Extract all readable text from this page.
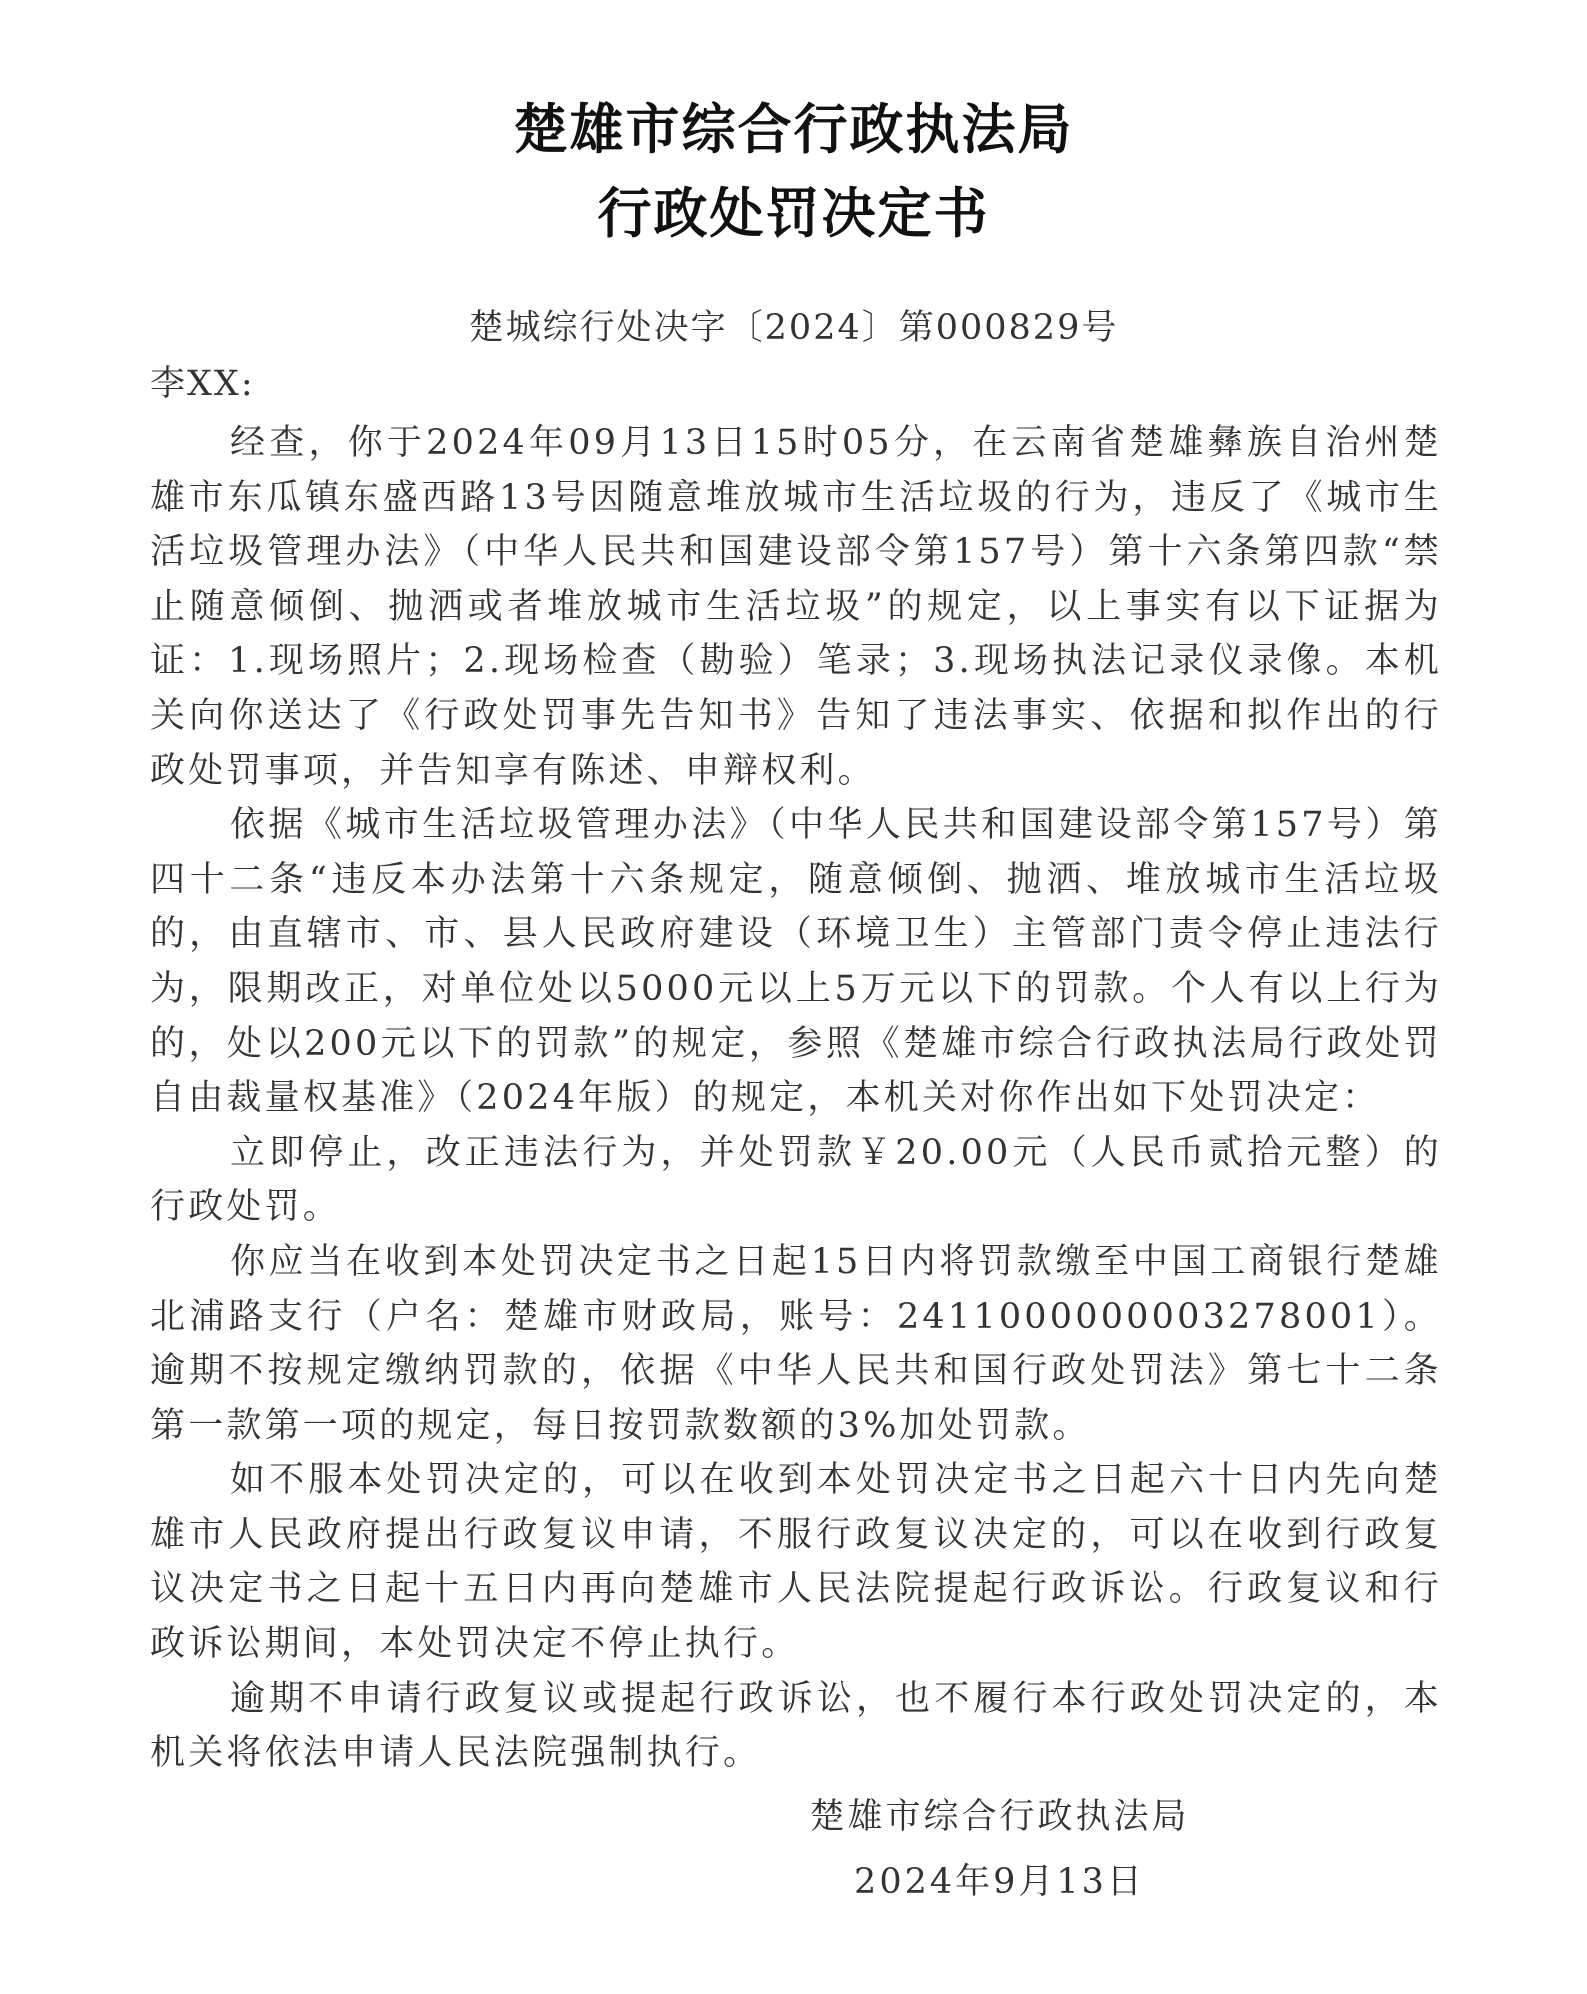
楚雄市综合行政执法局
行政处罚决定书
楚城综行处决字〔2024〕第000829号
李XX:

经查，你于2024年09月13日15时05分，在云南省楚雄彝族自治州楚雄市东瓜镇东盛西路13号因随意堆放城市生活垃圾的行为，违反了《城市生活垃圾管理办法》（中华人民共和国建设部令第157号）第十六条第四款“禁止随意倾倒、抛洒或者堆放城市生活垃圾”的规定，以上事实有以下证据为证：1.现场照片；2.现场检查（勘验）笔录；3.现场执法记录仪录像。本机关向你送达了《行政处罚事先告知书》告知了违法事实、依据和拟作出的行政处罚事项，并告知享有陈述、申辩权利。

依据《城市生活垃圾管理办法》（中华人民共和国建设部令第157号）第四十二条“违反本办法第十六条规定，随意倾倒、抛洒、堆放城市生活垃圾的，由直辖市、市、县人民政府建设（环境卫生）主管部门责令停止违法行为，限期改正，对单位处以5000元以上5万元以下的罚款。个人有以上行为的，处以200元以下的罚款”的规定，参照《楚雄市综合行政执法局行政处罚自由裁量权基准》（2024年版）的规定，本机关对你作出如下处罚决定：

立即停止，改正违法行为，并处罚款￥20.00元（人民币贰拾元整）的行政处罚。

你应当在收到本处罚决定书之日起15日内将罚款缴至中国工商银行楚雄北浦路支行（户名：楚雄市财政局，账号：2411000000003278001）。逾期不按规定缴纳罚款的，依据《中华人民共和国行政处罚法》第七十二条第一款第一项的规定，每日按罚款数额的3%加处罚款。

如不服本处罚决定的，可以在收到本处罚决定书之日起六十日内先向楚雄市人民政府提出行政复议申请，不服行政复议决定的，可以在收到行政复议决定书之日起十五日内再向楚雄市人民法院提起行政诉讼。行政复议和行政诉讼期间，本处罚决定不停止执行。

逾期不申请行政复议或提起行政诉讼，也不履行本行政处罚决定的，本机关将依法申请人民法院强制执行。

楚雄市综合行政执法局
2024年9月13日
